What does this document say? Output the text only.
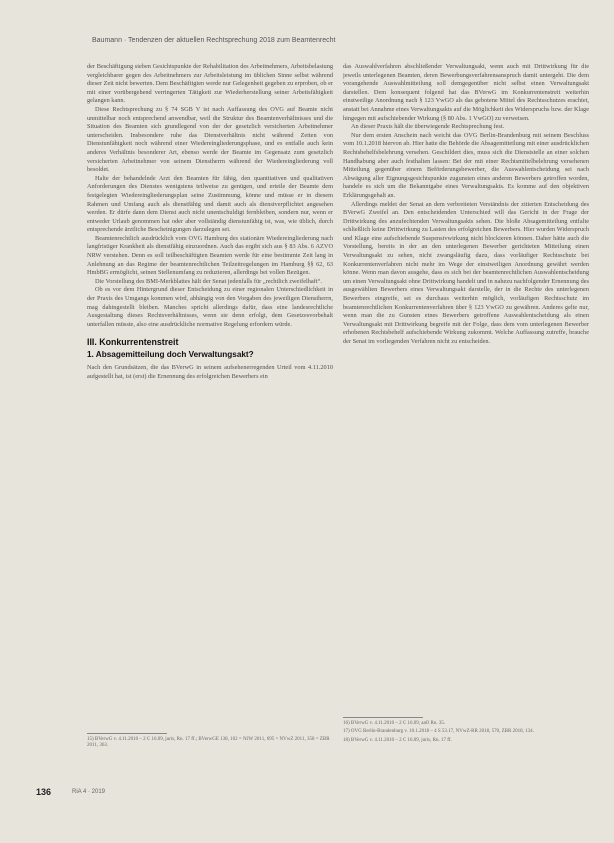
Baumann · Tendenzen der aktuellen Rechtsprechung 2018 zum Beamtenrecht

der Beschäftigung sieben Gesichtspunkte der Rehabilitation des Arbeitnehmers, Arbeitsbelastung vergleichbarer gegen des Arbeitnehmers zur Arbeitsleistung im üblichen Sinne selbst während dieser Zeit nicht bewerten. Dem Beschäftigten werde nur Gelegenheit gegeben zu erproben, ob er mit einer vorübergehend verringerten Tätigkeit zur Wiederherstellung seiner Arbeitsfähigkeit gelangen kann.

Diese Rechtsprechung zu § 74 SGB V ist nach Auffassung des OVG auf Beamte nicht unmittelbar noch entsprechend anwendbar, weil die Struktur des Beamtenverhältnisses und die Situation des Beamten sich grundlegend von der der gesetzlich versicherten Arbeitnehmer unterscheiden. Insbesondere ruhe das Dienstverhältnis nicht während Zeiten von Dienstunfähigkeit noch während einer Wiedereingliederungsphase, und es entfalle auch kein anderes Verhältnis besonderer Art, ebenso werde der Beamte im Gegensatz zum gesetzlich versicherten Arbeitnehmer von seinem Dienstherrn während der Wiedereingliederung voll besoldet.

Halte der behandelnde Arzt den Beamten für fähig, den quantitativen und qualitativen Anforderungen des Dienstes wenigstens teilweise zu genügen, und erteile der Beamte dem festgelegten Wiedereingliederungsplan seine Zustimmung, könne und müsse er in diesem Rahmen und Umfang auch als dienstfähig und damit auch als dienstverpflichtet angesehen werden. Er dürfe dann dem Dienst auch nicht unentschuldigt fernbleiben, sondern nur, wenn er entweder Urlaub genommen hat oder aber vollständig dienstunfähig ist, was, wie üblich, durch entsprechende ärztliche Bescheinigungen darzulegen sei.

Beamtenrechtlich ausdrücklich vom OVG Hamburg des stationäre Wiedereingliederung nach langfristiger Krankheit als dienstfähig einzuordnen. Auch das ergibt sich aus § 83 Abs. 6 AZVO NRW verstehen. Denn es soll teilbeschäftigten Beamten werde für eine bestimmte Zeit lang in Anlehnung an das Regime der beamtenrechtlichen Teilzeitregelungen im Hamburg §§ 62, 63 HmbBG ermöglicht, seinen Stellenumfang zu reduzieren, allerdings bei vollen Bezügen.

Die Vorstellung des BMI-Merkblattes hält der Senat jedenfalls für „rechtlich zweifelhaft“.

Ob es vor dem Hintergrund dieser Entscheidung zu einer regionalen Unterschiedlichkeit in der Praxis des Umgangs kommen wird, abhängig von den Vorgaben des jeweiligen Dienstherrn, mag dahingestellt bleiben. Manches spricht allerdings dafür, dass eine landesrechtliche Ausgestaltung dieses Rechtsverhältnisses, wenn sie denn erfolgt, dem Gesetzesvorbehalt unterfallen müsste, also eine ausdrückliche normative Regelung erfordern würde.

III. Konkurrentenstreit
1. Absagemitteilung doch Verwaltungsakt?

Nach den Grundsätzen, die das BVerwG in seinem aufsehenerregenden Urteil vom 4.11.2010 aufgestellt hat, ist (erst) die Ernennung des erfolgreichen Bewerbers ein

das Auswahlverfahren abschließender Verwaltungsakt, wenn auch mit Drittwirkung für die jeweils unterlegenen Beamten, deren Bewerbungsverfahrensanspruch damit untergeht. Die dem vorangehende Auswahlmitteilung soll demgegenüber nicht selbst einen Verwaltungsakt darstellen. Dem konsequent folgend hat das BVerwG im Konkurrentenstreit weiterhin einstweilige Anordnung nach § 123 VwGO als das gebotene Mittel des Rechtsschutzes erachtet, anstatt bei Annahme eines Verwaltungsakts auf die Möglichkeit des Widerspruchs bzw. der Klage hingegen mit aufschiebender Wirkung (§ 80 Abs. 1 VwGO) zu verweisen.

An dieser Praxis hält die überwiegende Rechtsprechung fest.

Nur dem ersten Anschein nach weicht das OVG Berlin-Brandenburg mit seinem Beschluss vom 10.1.2018 hiervon ab. Hier hatte die Behörde die Absagemitteilung mit einer ausdrücklichen Rechtsbehelfsbelehrung versehen. Geschildert dies, muss sich die Dienststelle an einer solchen Handhabung aber auch festhalten lassen: Bei der mit einer Rechtsmittelbelehrung versehenen Mitteilung gegenüber einem Beförderungsbewerber, die Auswahlentscheidung sei nach Abwägung aller Eignungsgesichtspunkte zugunsten eines anderen Bewerbers getroffen worden, handele es sich um die Bekanntgabe eines Verwaltungsakts. Es komme auf den objektiven Erklärungsgehalt an.

Allerdings meldet der Senat an dem verbreiteten Verständnis der zitierten Entscheidung des BVerwG Zweifel an. Den entscheidenden Unterschied will das Gericht in der Frage der Drittwirkung des anzufechtenden Verwaltungsakts sehen. Die bloße Absagemitteilung entfalte schließlich keine Drittwirkung zu Lasten des erfolgreichen Bewerbers. Hier wurden Widerspruch und Klage eine aufschiebende Suspensivwirkung nicht blockieren können. Daher hätte auch die Vorstellung, bereits in der an den unterlegenen Bewerber gerichteten Mitteilung einen Verwaltungsakt zu sehen, nicht zwangsläufig dazu, dass vorläufiger Rechtsschutz bei Konkurrentenverfahren nicht mehr im Wege der einstweiligen Anordnung gewährt werden könne. Wenn man davon ausgehe, dass es sich bei der beamtenrechtlichen Auswahlentscheidung um einen Verwaltungsakt ohne Drittwirkung handelt und in nahezu nachfolgender Ernennung des ausgewählten Bewerbers eines Verwaltungsakt darstelle, der in die Rechte des unterlegenen Bewerbers eingreife, sei es durchaus weiterhin möglich, vorläufigen Rechtsschutz im beamtenrechtlichen Konkurrentenverfahren über § 123 VwGO zu gewähren. Anderes gelte nur, wenn man die zu Gunsten eines Bewerbers getroffene Auswahlentscheidung als einen Verwaltungsakt mit Drittwirkung begreife mit der Folge, dass dem vom unterlegenen Bewerber erhobenen Rechtsbehelf aufschiebende Wirkung zukommt. Welche Auffassung zutreffe, brauche der Senat im vorliegenden Verfahren nicht zu entscheiden.

15) BVerwG v. 4.11.2010 – 2 C 16.09, juris, Rn. 17 ff.; BVerwGE 138, 102 = NJW 2011, 695 = NVwZ 2011, 358 = ZBR 2011, 363.
16) BVerwG v. 4.11.2010 – 2 C 16.09, aaO Rn. 35.
17) OVG Berlin-Brandenburg v. 10.1.2018 – 4 S 53.17, NVwZ-RR 2018, 570, ZBR 2018, 134.
18) BVerwG v. 4.11.2010 – 2 C 16.09, juris, Rn. 17 ff.
136	RiA 4 · 2019
